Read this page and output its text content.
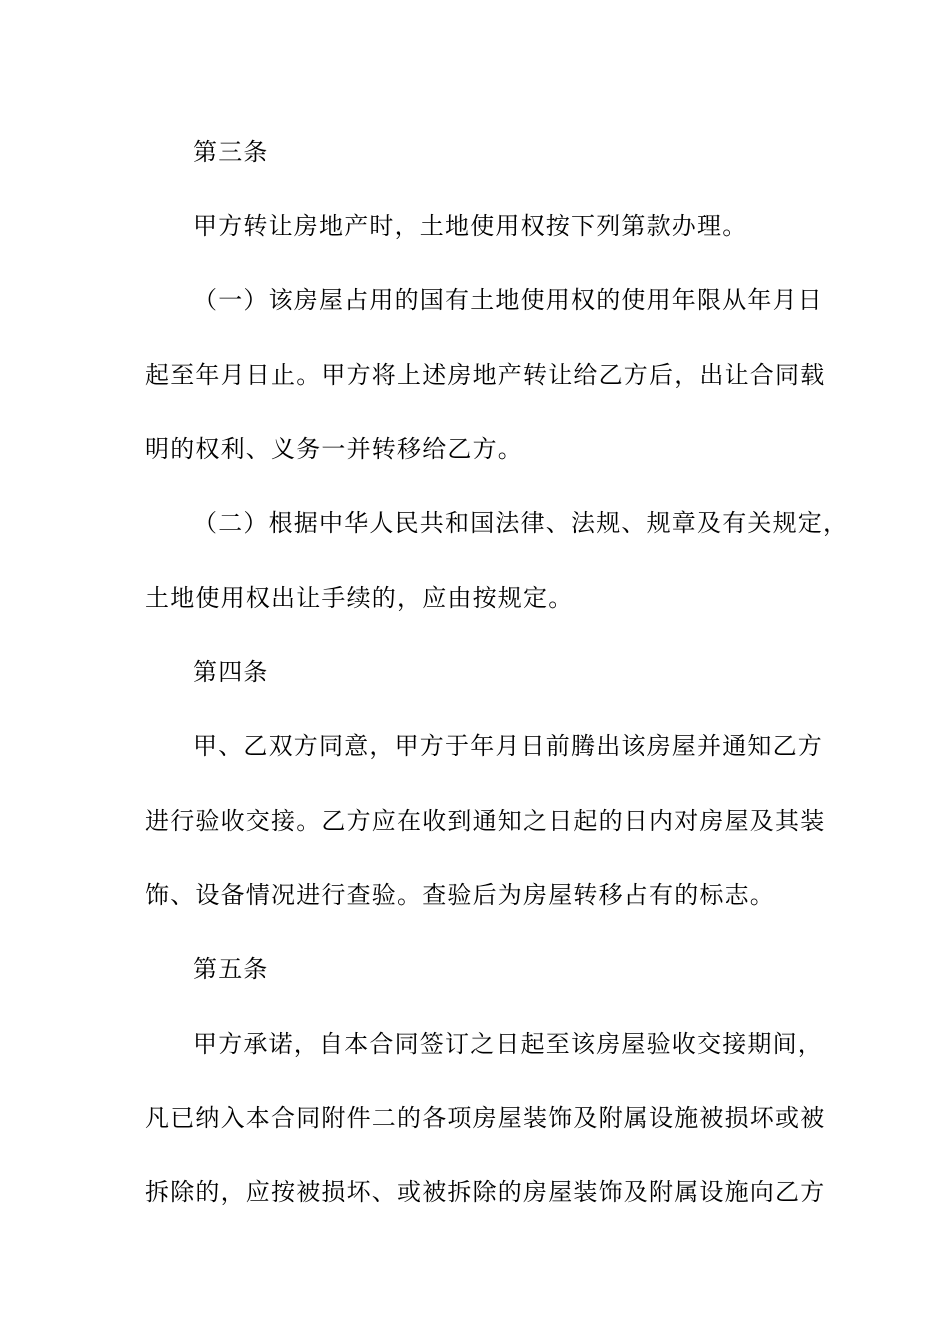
第三条
甲方转让房地产时，土地使用权按下列第款办理。
（一）该房屋占用的国有土地使用权的使用年限从年月日
起至年月日止。甲方将上述房地产转让给乙方后，出让合同载
明的权利、义务一并转移给乙方。
（二）根据中华人民共和国法律、法规、规章及有关规定，
土地使用权出让手续的，应由按规定。
第四条
甲、乙双方同意，甲方于年月日前腾出该房屋并通知乙方
进行验收交接。乙方应在收到通知之日起的日内对房屋及其装
饰、设备情况进行查验。查验后为房屋转移占有的标志。
第五条
甲方承诺，自本合同签订之日起至该房屋验收交接期间，
凡已纳入本合同附件二的各项房屋装饰及附属设施被损坏或被
拆除的，应按被损坏、或被拆除的房屋装饰及附属设施向乙方
